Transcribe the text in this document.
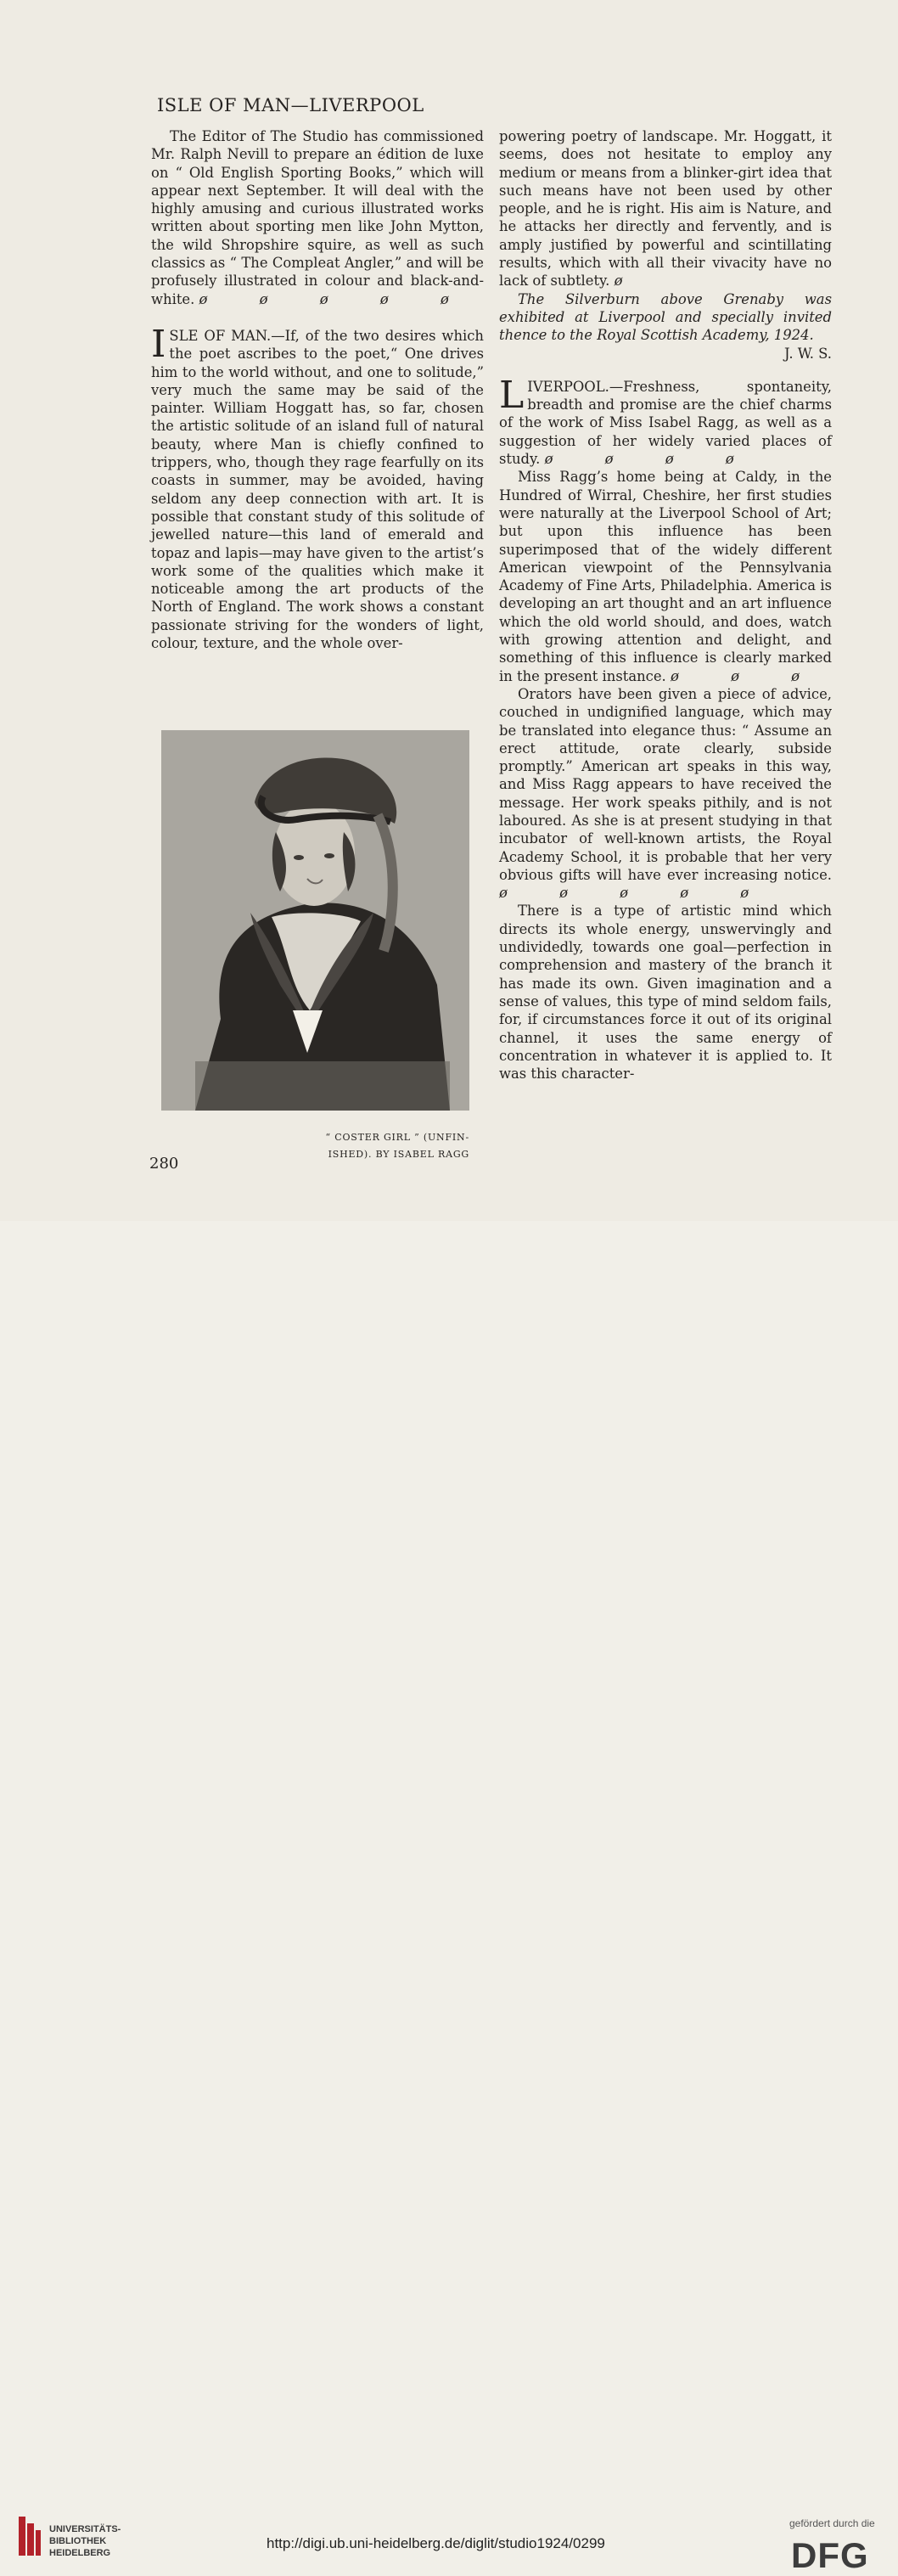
ISLE OF MAN—LIVERPOOL

The Editor of The Studio has commissioned Mr. Ralph Nevill to prepare an édition de luxe on “ Old English Sporting Books,” which will appear next September. It will deal with the highly amusing and curious illustrated works written about sporting men like John Mytton, the wild Shropshire squire, as well as such classics as “ The Compleat Angler,” and will be profusely illustrated in colour and black-and-white. ø ø ø ø ø

I SLE OF MAN.—If, of the two desires which the poet ascribes to the poet,“ One drives him to the world without, and one to solitude,” very much the same may be said of the painter. William Hoggatt has, so far, chosen the artistic solitude of an island full of natural beauty, where Man is chiefly confined to trippers, who, though they rage fearfully on its coasts in summer, may be avoided, having seldom any deep connection with art. It is possible that constant study of this solitude of jewelled nature—this land of emerald and topaz and lapis—may have given to the artist’s work some of the qualities which make it noticeable among the art products of the North of England. The work shows a constant passionate striving for the wonders of light, colour, texture, and the whole over-

powering poetry of landscape. Mr. Hoggatt, it seems, does not hesitate to employ any medium or means from a blinker-girt idea that such means have not been used by other people, and he is right. His aim is Nature, and he attacks her directly and fervently, and is amply justified by powerful and scintillating results, which with all their vivacity have no lack of subtlety. ø

The Silverburn above Grenaby was exhibited at Liverpool and specially invited thence to the Royal Scottish Academy, 1924.
J. W. S.

L IVERPOOL.—Freshness, spontaneity, breadth and promise are the chief charms of the work of Miss Isabel Ragg, as well as a suggestion of her widely varied places of study. ø ø ø ø

Miss Ragg’s home being at Caldy, in the Hundred of Wirral, Cheshire, her first studies were naturally at the Liverpool School of Art; but upon this influence has been superimposed that of the widely different American viewpoint of the Pennsylvania Academy of Fine Arts, Philadelphia. America is developing an art thought and an art influence which the old world should, and does, watch with growing attention and delight, and something of this influence is clearly marked in the present instance. ø ø ø

Orators have been given a piece of advice, couched in undignified language, which may be translated into elegance thus: “ Assume an erect attitude, orate clearly, subside promptly.” American art speaks in this way, and Miss Ragg appears to have received the message. Her work speaks pithily, and is not laboured. As she is at present studying in that incubator of well-known artists, the Royal Academy School, it is probable that her very obvious gifts will have ever increasing notice. ø ø ø ø ø

There is a type of artistic mind which directs its whole energy, unswervingly and undividedly, towards one goal—perfection in comprehension and mastery of the branch it has made its own. Given imagination and a sense of values, this type of mind seldom fails, for, if circumstances force it out of its original channel, it uses the same energy of concentration in whatever it is applied to. It was this character-

“ COSTER GIRL ” (UNFIN-
ISHED). BY ISABEL RAGG
280
UNIVERSITÄTS-
BIBLIOTHEK
HEIDELBERG
http://digi.ub.uni-heidelberg.de/diglit/studio1924/0299
gefördert durch die
DFG
